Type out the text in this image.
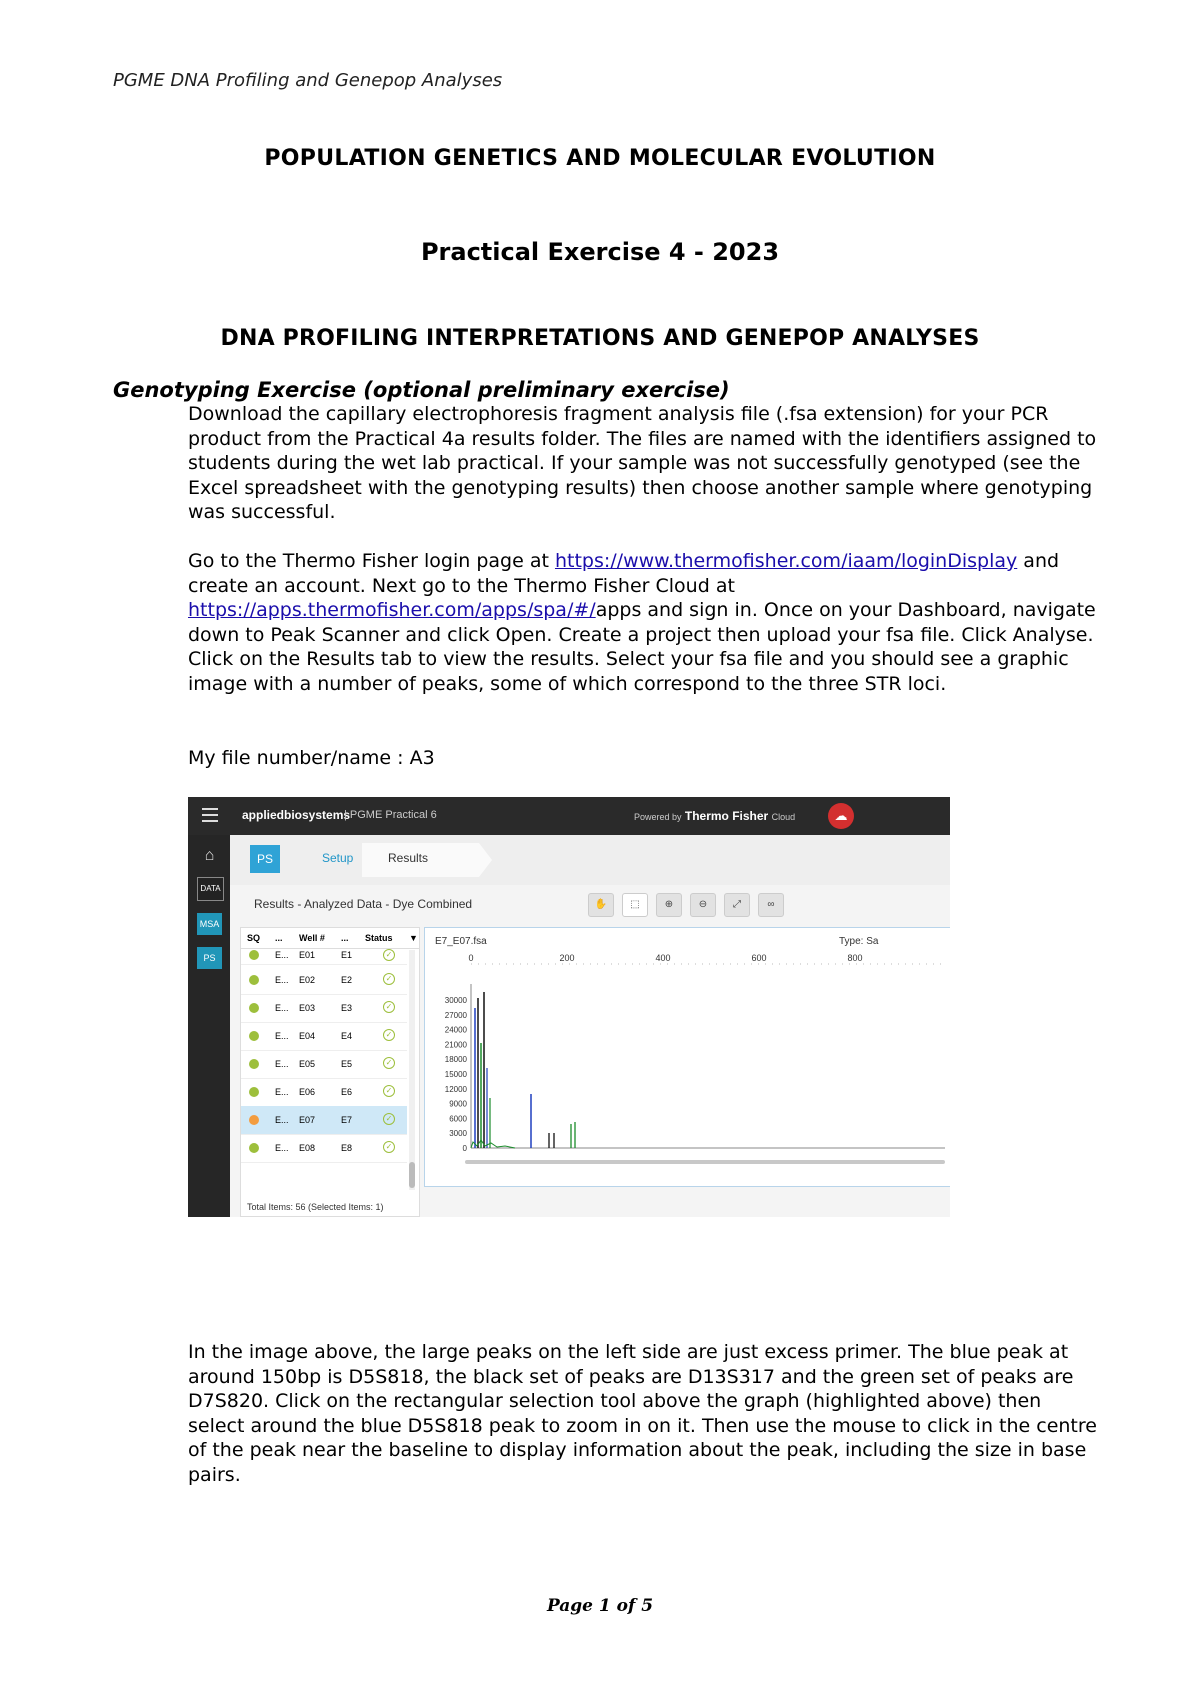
PGME DNA Profiling and Genepop Analyses
POPULATION GENETICS AND MOLECULAR EVOLUTION
Practical Exercise 4 - 2023
DNA PROFILING INTERPRETATIONS AND GENEPOP ANALYSES
Genotyping Exercise (optional preliminary exercise)
Download the capillary electrophoresis fragment analysis file (.fsa extension) for your PCR product from the Practical 4a results folder. The files are named with the identifiers assigned to students during the wet lab practical. If your sample was not successfully genotyped (see the Excel spreadsheet with the genotyping results) then choose another sample where genotyping was successful.
Go to the Thermo Fisher login page at https://www.thermofisher.com/iaam/loginDisplay and create an account. Next go to the Thermo Fisher Cloud at https://apps.thermofisher.com/apps/spa/#/apps and sign in. Once on your Dashboard, navigate down to Peak Scanner and click Open. Create a project then upload your fsa file. Click Analyse. Click on the Results tab to view the results. Select your fsa file and you should see a graphic image with a number of peaks, some of which correspond to the three STR loci.
My file number/name : A3
appliedbiosystems
| PGME Practical 6	Powered by Thermo Fisher Cloud	☁
⌂
DATA
MSA
PS
PS	Setup	Results
Results - Analyzed Data - Dye Combined	✋	⬚	⊕	⊖	⤢	∞
SQ ... Well # ... Status ▼
E... E01	E1	✓
E... E02	E2	✓
E... E03	E3	✓
E... E04	E4	✓
E... E05	E5	✓
E... E06	E6	✓
E... E07	E7	✓
E... E08	E8	✓
Total Items: 56 (Selected Items: 1)
E7_E07.fsa	Type: Sa
0	200	400	600	800
30000
27000
24000
21000
18000
15000
12000
9000
6000
3000
0
In the image above, the large peaks on the left side are just excess primer. The blue peak at around 150bp is D5S818, the black set of peaks are D13S317 and the green set of peaks are D7S820. Click on the rectangular selection tool above the graph (highlighted above) then select around the blue D5S818 peak to zoom in on it. Then use the mouse to click in the centre of the peak near the baseline to display information about the peak, including the size in base pairs.
Page 1 of 5
